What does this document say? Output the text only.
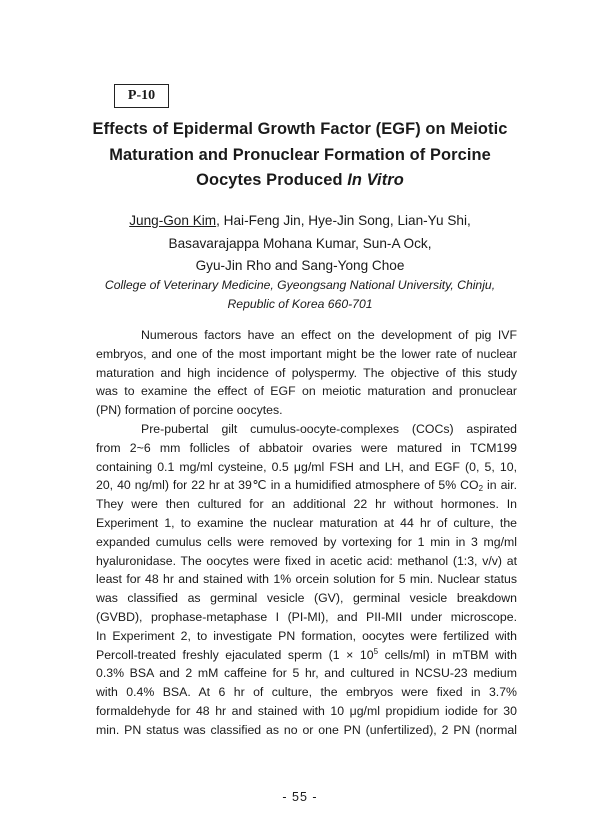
P-10
Effects of Epidermal Growth Factor (EGF) on Meiotic
Maturation and Pronuclear Formation of Porcine
Oocytes Produced In Vitro
Jung-Gon Kim, Hai-Feng Jin, Hye-Jin Song, Lian-Yu Shi,
Basavarajappa Mohana Kumar, Sun-A Ock,
Gyu-Jin Rho and Sang-Yong Choe
College of Veterinary Medicine, Gyeongsang National University, Chinju,
Republic of Korea 660-701
Numerous factors have an effect on the development of pig IVF
embryos, and one of the most important might be the lower rate of nuclear
maturation and high incidence of polyspermy. The objective of this study
was to examine the effect of EGF on meiotic maturation and pronuclear
(PN) formation of porcine oocytes.
Pre-pubertal gilt cumulus-oocyte-complexes (COCs) aspirated
from 2~6 mm follicles of abbatoir ovaries were matured in TCM199
containing 0.1 mg/ml cysteine, 0.5 μg/ml FSH and LH, and EGF (0, 5, 10,
20, 40 ng/ml) for 22 hr at 39℃ in a humidified atmosphere of 5% $CO_2$ in air.
They were then cultured for an additional 22 hr without hormones. In
Experiment 1, to examine the nuclear maturation at 44 hr of culture, the
expanded cumulus cells were removed by vortexing for 1 min in 3 mg/ml
hyaluronidase. The oocytes were fixed in acetic acid: methanol (1:3, v/v) at
least for 48 hr and stained with 1% orcein solution for 5 min. Nuclear status
was classified as germinal vesicle (GV), germinal vesicle breakdown
(GVBD), prophase-metaphase I (PI-MI), and PII-MII under microscope.
In Experiment 2, to investigate PN formation, oocytes were fertilized with
Percoll-treated freshly ejaculated sperm ($1 \times 10^5$ cells/ml) in mTBM with
0.3% BSA and 2 mM caffeine for 5 hr, and cultured in NCSU-23 medium
with 0.4% BSA. At 6 hr of culture, the embryos were fixed in 3.7%
formaldehyde for 48 hr and stained with 10 μg/ml propidium iodide for 30
min. PN status was classified as no or one PN (unfertilized), 2 PN (normal
- 55 -
